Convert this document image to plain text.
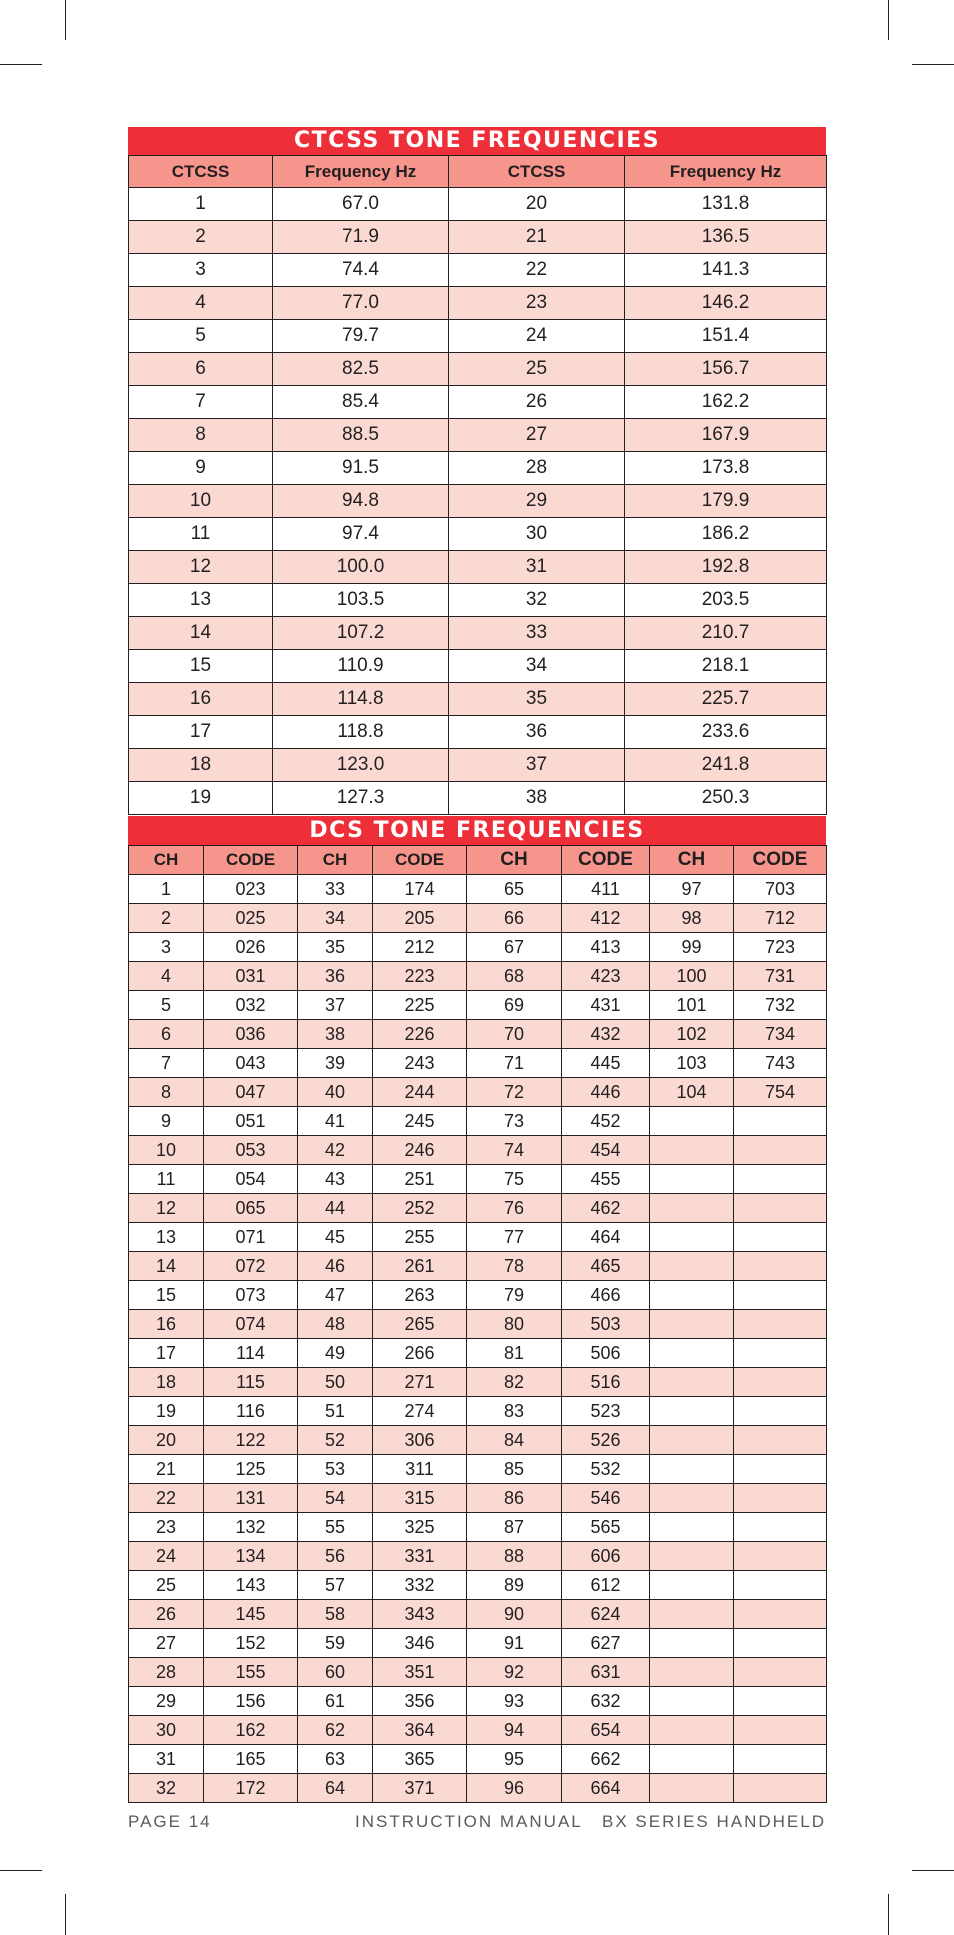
CTCSS TONE FREQUENCIES
CTCSS	Frequency Hz	CTCSS	Frequency Hz
1	67.0	20	131.8
2	71.9	21	136.5
3	74.4	22	141.3
4	77.0	23	146.2
5	79.7	24	151.4
6	82.5	25	156.7
7	85.4	26	162.2
8	88.5	27	167.9
9	91.5	28	173.8
10	94.8	29	179.9
11	97.4	30	186.2
12	100.0	31	192.8
13	103.5	32	203.5
14	107.2	33	210.7
15	110.9	34	218.1
16	114.8	35	225.7
17	118.8	36	233.6
18	123.0	37	241.8
19	127.3	38	250.3
DCS TONE FREQUENCIES
CH	CODE	CH	CODE	CH	CODE	CH	CODE
1	023	33	174	65	411	97	703
2	025	34	205	66	412	98	712
3	026	35	212	67	413	99	723
4	031	36	223	68	423	100	731
5	032	37	225	69	431	101	732
6	036	38	226	70	432	102	734
7	043	39	243	71	445	103	743
8	047	40	244	72	446	104	754
9	051	41	245	73	452		
10	053	42	246	74	454		
11	054	43	251	75	455		
12	065	44	252	76	462		
13	071	45	255	77	464		
14	072	46	261	78	465		
15	073	47	263	79	466		
16	074	48	265	80	503		
17	114	49	266	81	506		
18	115	50	271	82	516		
19	116	51	274	83	523		
20	122	52	306	84	526		
21	125	53	311	85	532		
22	131	54	315	86	546		
23	132	55	325	87	565		
24	134	56	331	88	606		
25	143	57	332	89	612		
26	145	58	343	90	624		
27	152	59	346	91	627		
28	155	60	351	92	631		
29	156	61	356	93	632		
30	162	62	364	94	654		
31	165	63	365	95	662		
32	172	64	371	96	664		
PAGE 14	INSTRUCTION MANUAL BX SERIES HANDHELD
